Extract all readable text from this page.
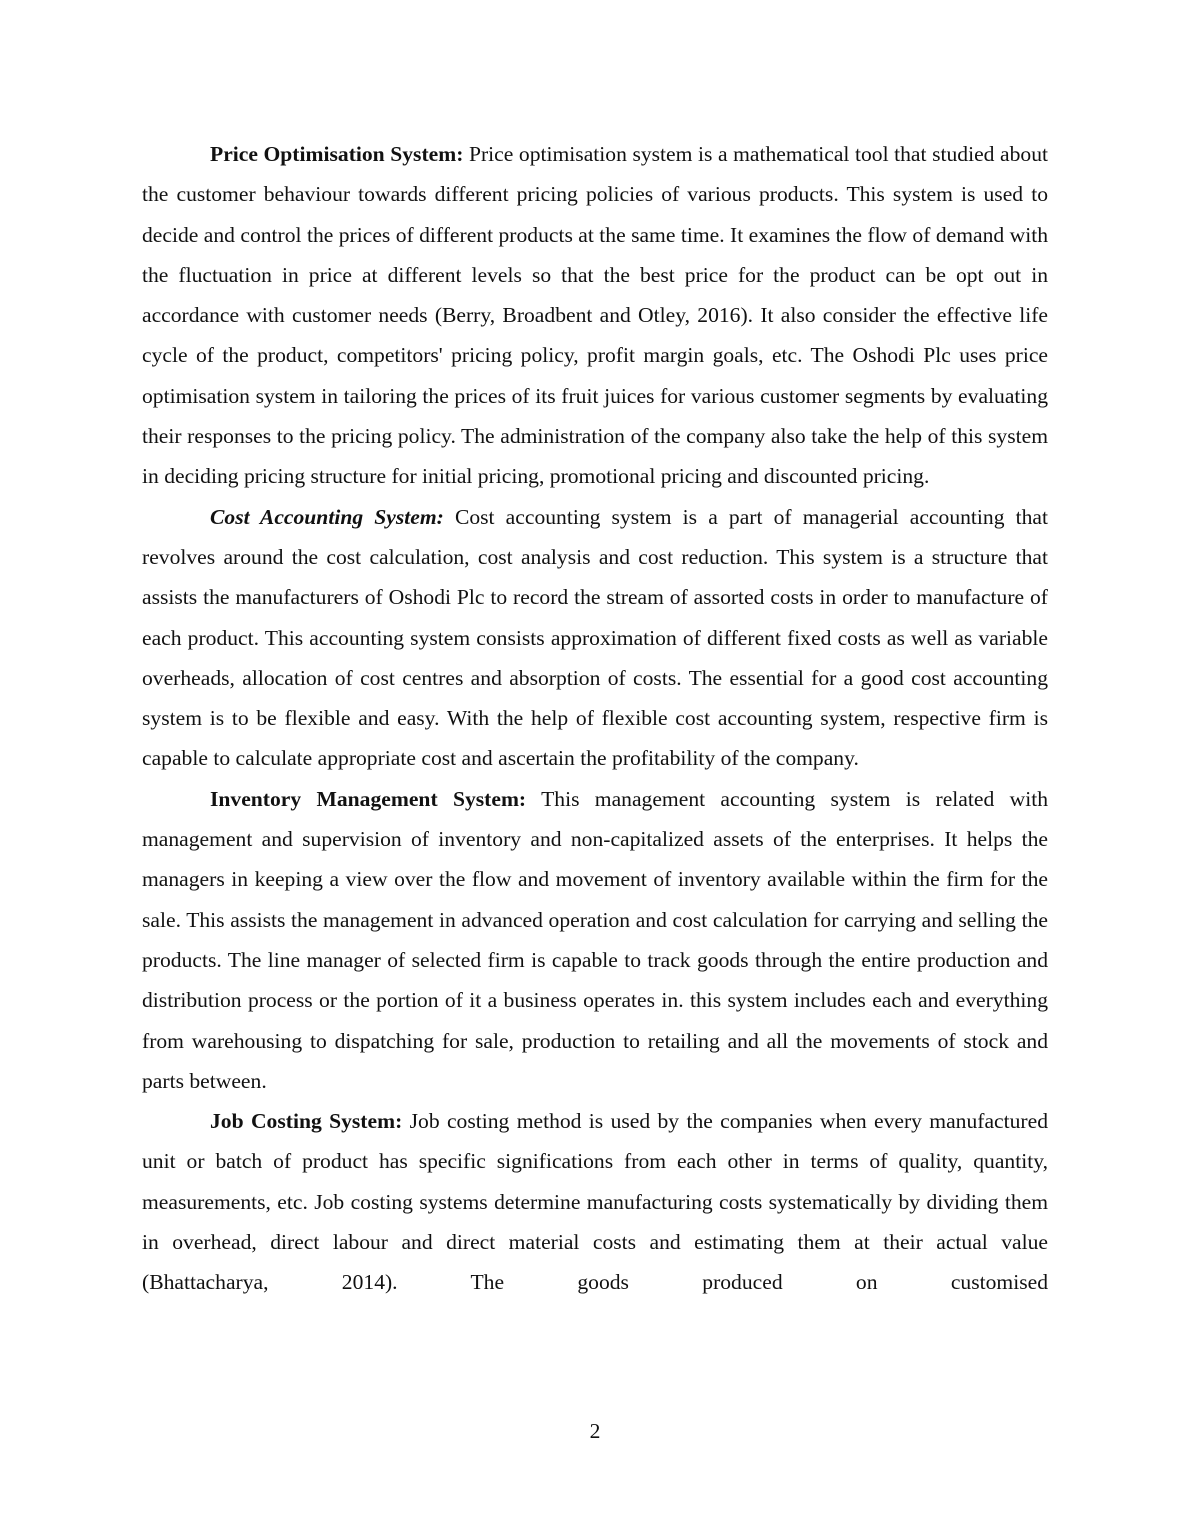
Price Optimisation System: Price optimisation system is a mathematical tool that studied about the customer behaviour towards different pricing policies of various products. This system is used to decide and control the prices of different products at the same time. It examines the flow of demand with the fluctuation in price at different levels so that the best price for the product can be opt out in accordance with customer needs (Berry, Broadbent and Otley, 2016). It also consider the effective life cycle of the product, competitors' pricing policy, profit margin goals, etc. The Oshodi Plc uses price optimisation system in tailoring the prices of its fruit juices for various customer segments by evaluating their responses to the pricing policy. The administration of the company also take the help of this system in deciding pricing structure for initial pricing, promotional pricing and discounted pricing.

Cost Accounting System: Cost accounting system is a part of managerial accounting that revolves around the cost calculation, cost analysis and cost reduction. This system is a structure that assists the manufacturers of Oshodi Plc to record the stream of assorted costs in order to manufacture of each product. This accounting system consists approximation of different fixed costs as well as variable overheads, allocation of cost centres and absorption of costs. The essential for a good cost accounting system is to be flexible and easy. With the help of flexible cost accounting system, respective firm is capable to calculate appropriate cost and ascertain the profitability of the company.

Inventory Management System: This management accounting system is related with management and supervision of inventory and non-capitalized assets of the enterprises. It helps the managers in keeping a view over the flow and movement of inventory available within the firm for the sale. This assists the management in advanced operation and cost calculation for carrying and selling the products. The line manager of selected firm is capable to track goods through the entire production and distribution process or the portion of it a business operates in. this system includes each and everything from warehousing to dispatching for sale, production to retailing and all the movements of stock and parts between.

Job Costing System: Job costing method is used by the companies when every manufactured unit or batch of product has specific significations from each other in terms of quality, quantity, measurements, etc. Job costing systems determine manufacturing costs systematically by dividing them in overhead, direct labour and direct material costs and estimating them at their actual value (Bhattacharya, 2014). The goods produced on customised

2
